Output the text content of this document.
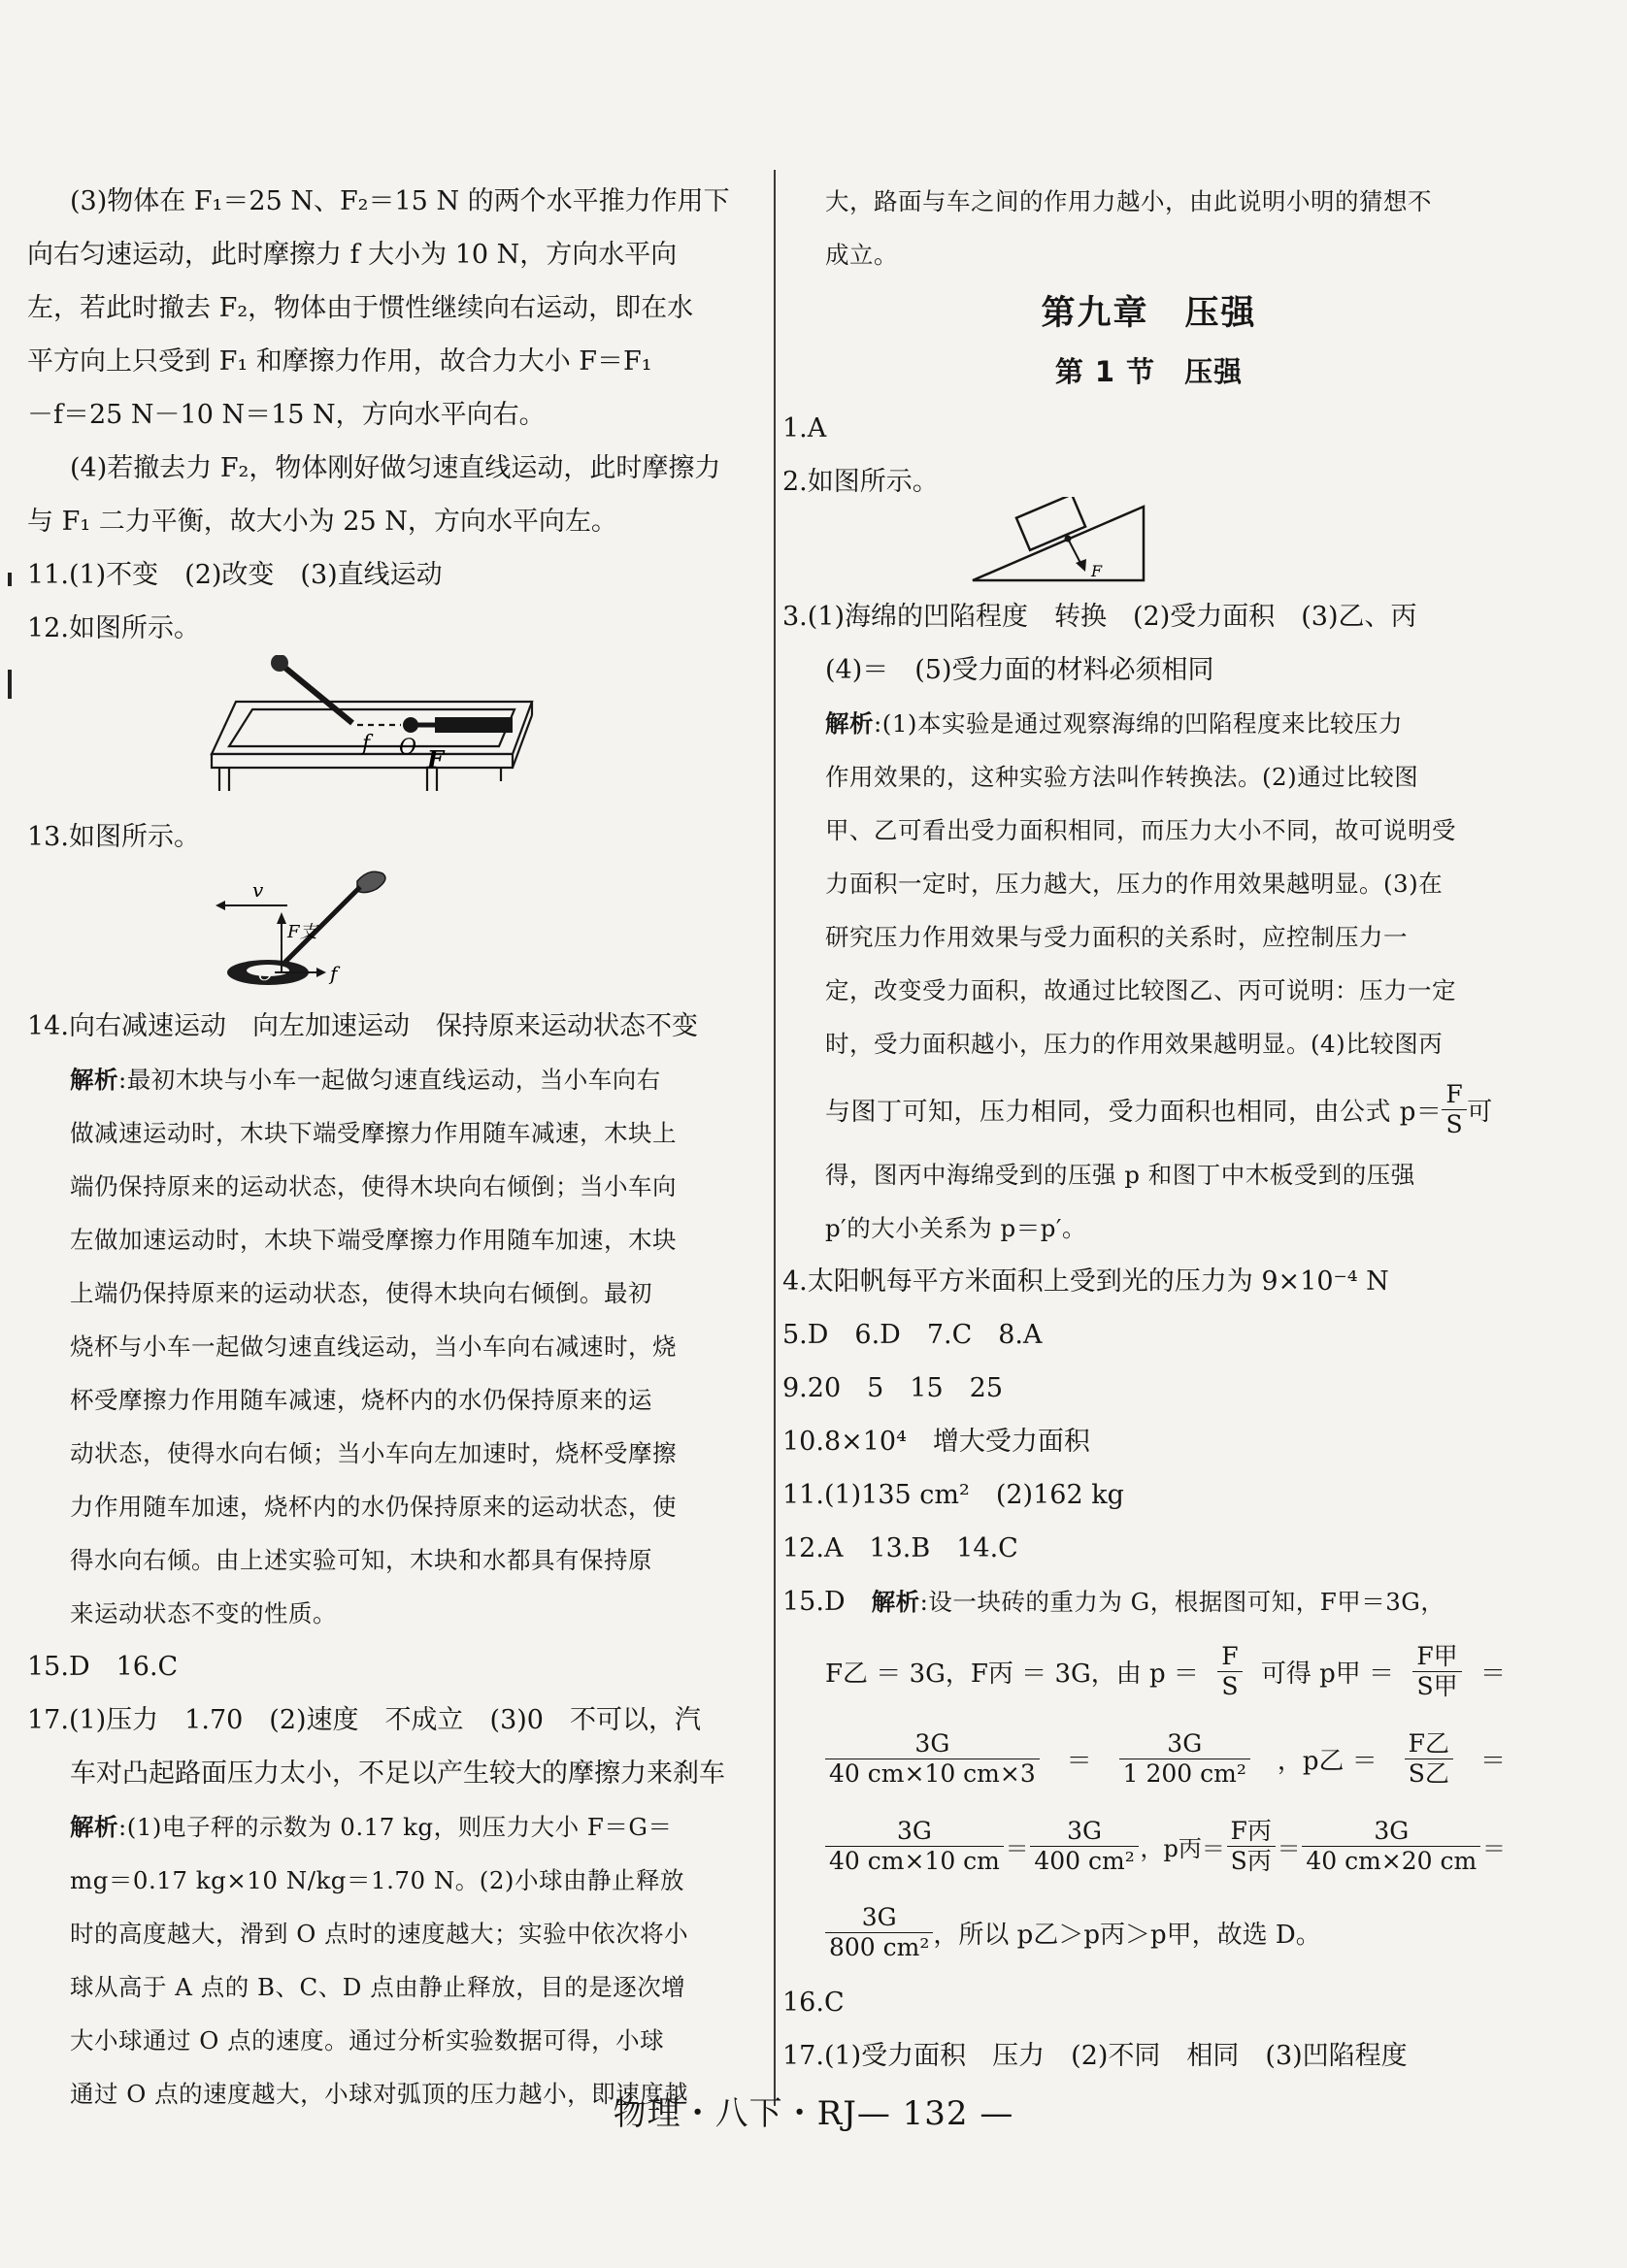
(3)物体在 F₁＝25 N、F₂＝15 N 的两个水平推力作用下
向右匀速运动，此时摩擦力 f 大小为 10 N，方向水平向
左，若此时撤去 F₂，物体由于惯性继续向右运动，即在水
平方向上只受到 F₁ 和摩擦力作用，故合力大小 F＝F₁
－f＝25 N－10 N＝15 N，方向水平向右。
(4)若撤去力 F₂，物体刚好做匀速直线运动，此时摩擦力
与 F₁ 二力平衡，故大小为 25 N，方向水平向左。
11.(1)不变　(2)改变　(3)直线运动
12.如图所示。
f O F
13.如图所示。
v
F支
O	f
14.向右减速运动　向左加速运动　保持原来运动状态不变
解析:最初木块与小车一起做匀速直线运动，当小车向右
做减速运动时，木块下端受摩擦力作用随车减速，木块上
端仍保持原来的运动状态，使得木块向右倾倒；当小车向
左做加速运动时，木块下端受摩擦力作用随车加速，木块
上端仍保持原来的运动状态，使得木块向右倾倒。最初
烧杯与小车一起做匀速直线运动，当小车向右减速时，烧
杯受摩擦力作用随车减速，烧杯内的水仍保持原来的运
动状态，使得水向右倾；当小车向左加速时，烧杯受摩擦
力作用随车加速，烧杯内的水仍保持原来的运动状态，使
得水向右倾。由上述实验可知，木块和水都具有保持原
来运动状态不变的性质。
15.D　16.C
17.(1)压力　1.70　(2)速度　不成立　(3)0　不可以，汽
车对凸起路面压力太小，不足以产生较大的摩擦力来刹车
解析:(1)电子秤的示数为 0.17 kg，则压力大小 F＝G＝
mg＝0.17 kg×10 N/kg＝1.70 N。(2)小球由静止释放
时的高度越大，滑到 O 点时的速度越大；实验中依次将小
球从高于 A 点的 B、C、D 点由静止释放，目的是逐次增
大小球通过 O 点的速度。通过分析实验数据可得，小球
通过 O 点的速度越大，小球对弧顶的压力越小，即速度越
大，路面与车之间的作用力越小，由此说明小明的猜想不
成立。
第九章　压强
第 1 节　压强
1.A
2.如图所示。
F
3.(1)海绵的凹陷程度　转换　(2)受力面积　(3)乙、丙
(4)＝　(5)受力面的材料必须相同
解析:(1)本实验是通过观察海绵的凹陷程度来比较压力
作用效果的，这种实验方法叫作转换法。(2)通过比较图
甲、乙可看出受力面积相同，而压力大小不同，故可说明受
力面积一定时，压力越大，压力的作用效果越明显。(3)在
研究压力作用效果与受力面积的关系时，应控制压力一
定，改变受力面积，故通过比较图乙、丙可说明：压力一定
时，受力面积越小，压力的作用效果越明显。(4)比较图丙
与图丁可知，压力相同，受力面积也相同，由公式 $p= \frac{F}{S}$ 可
得，图丙中海绵受到的压强 p 和图丁中木板受到的压强
p′的大小关系为 p＝p′。
4.太阳帆每平方米面积上受到光的压力为 9×10⁻⁴ N
5.D　6.D　7.C　8.A
9.20　5　15　25
10.8×10⁴　增大受力面积
11.(1)135 cm²　(2)162 kg
12.A　13.B　14.C
15.D　解析:设一块砖的重力为 G，根据图可知，F甲＝3G，
F乙 ＝ 3G，F丙 ＝ 3G，由 $p = \frac{F}{S}$ 可得 p甲 ＝ $\frac{\text{F甲}}{\text{S甲}}$ ＝
$\frac{3G}{40 cm\times 10 cm\times 3} = \frac{3G}{\text{1 200 cm²}}$ ，p乙 ＝ $\frac{\text{F乙}}{\text{S乙}}$ ＝
$\frac{3G}{40 cm\times 10 cm} = \frac{3G}{\text{400 cm²}}$ ，p丙＝ $\frac{\text{F丙}}{\text{S丙}} = \frac{3G}{40 cm\times 20 cm}$ ＝
$\frac{3G}{\text{800 cm²}}$ ，所以 p乙＞p丙＞p甲，故选 D。
16.C
17.(1)受力面积　压力　(2)不同　相同　(3)凹陷程度
物理・八下・RJ— 132 —
